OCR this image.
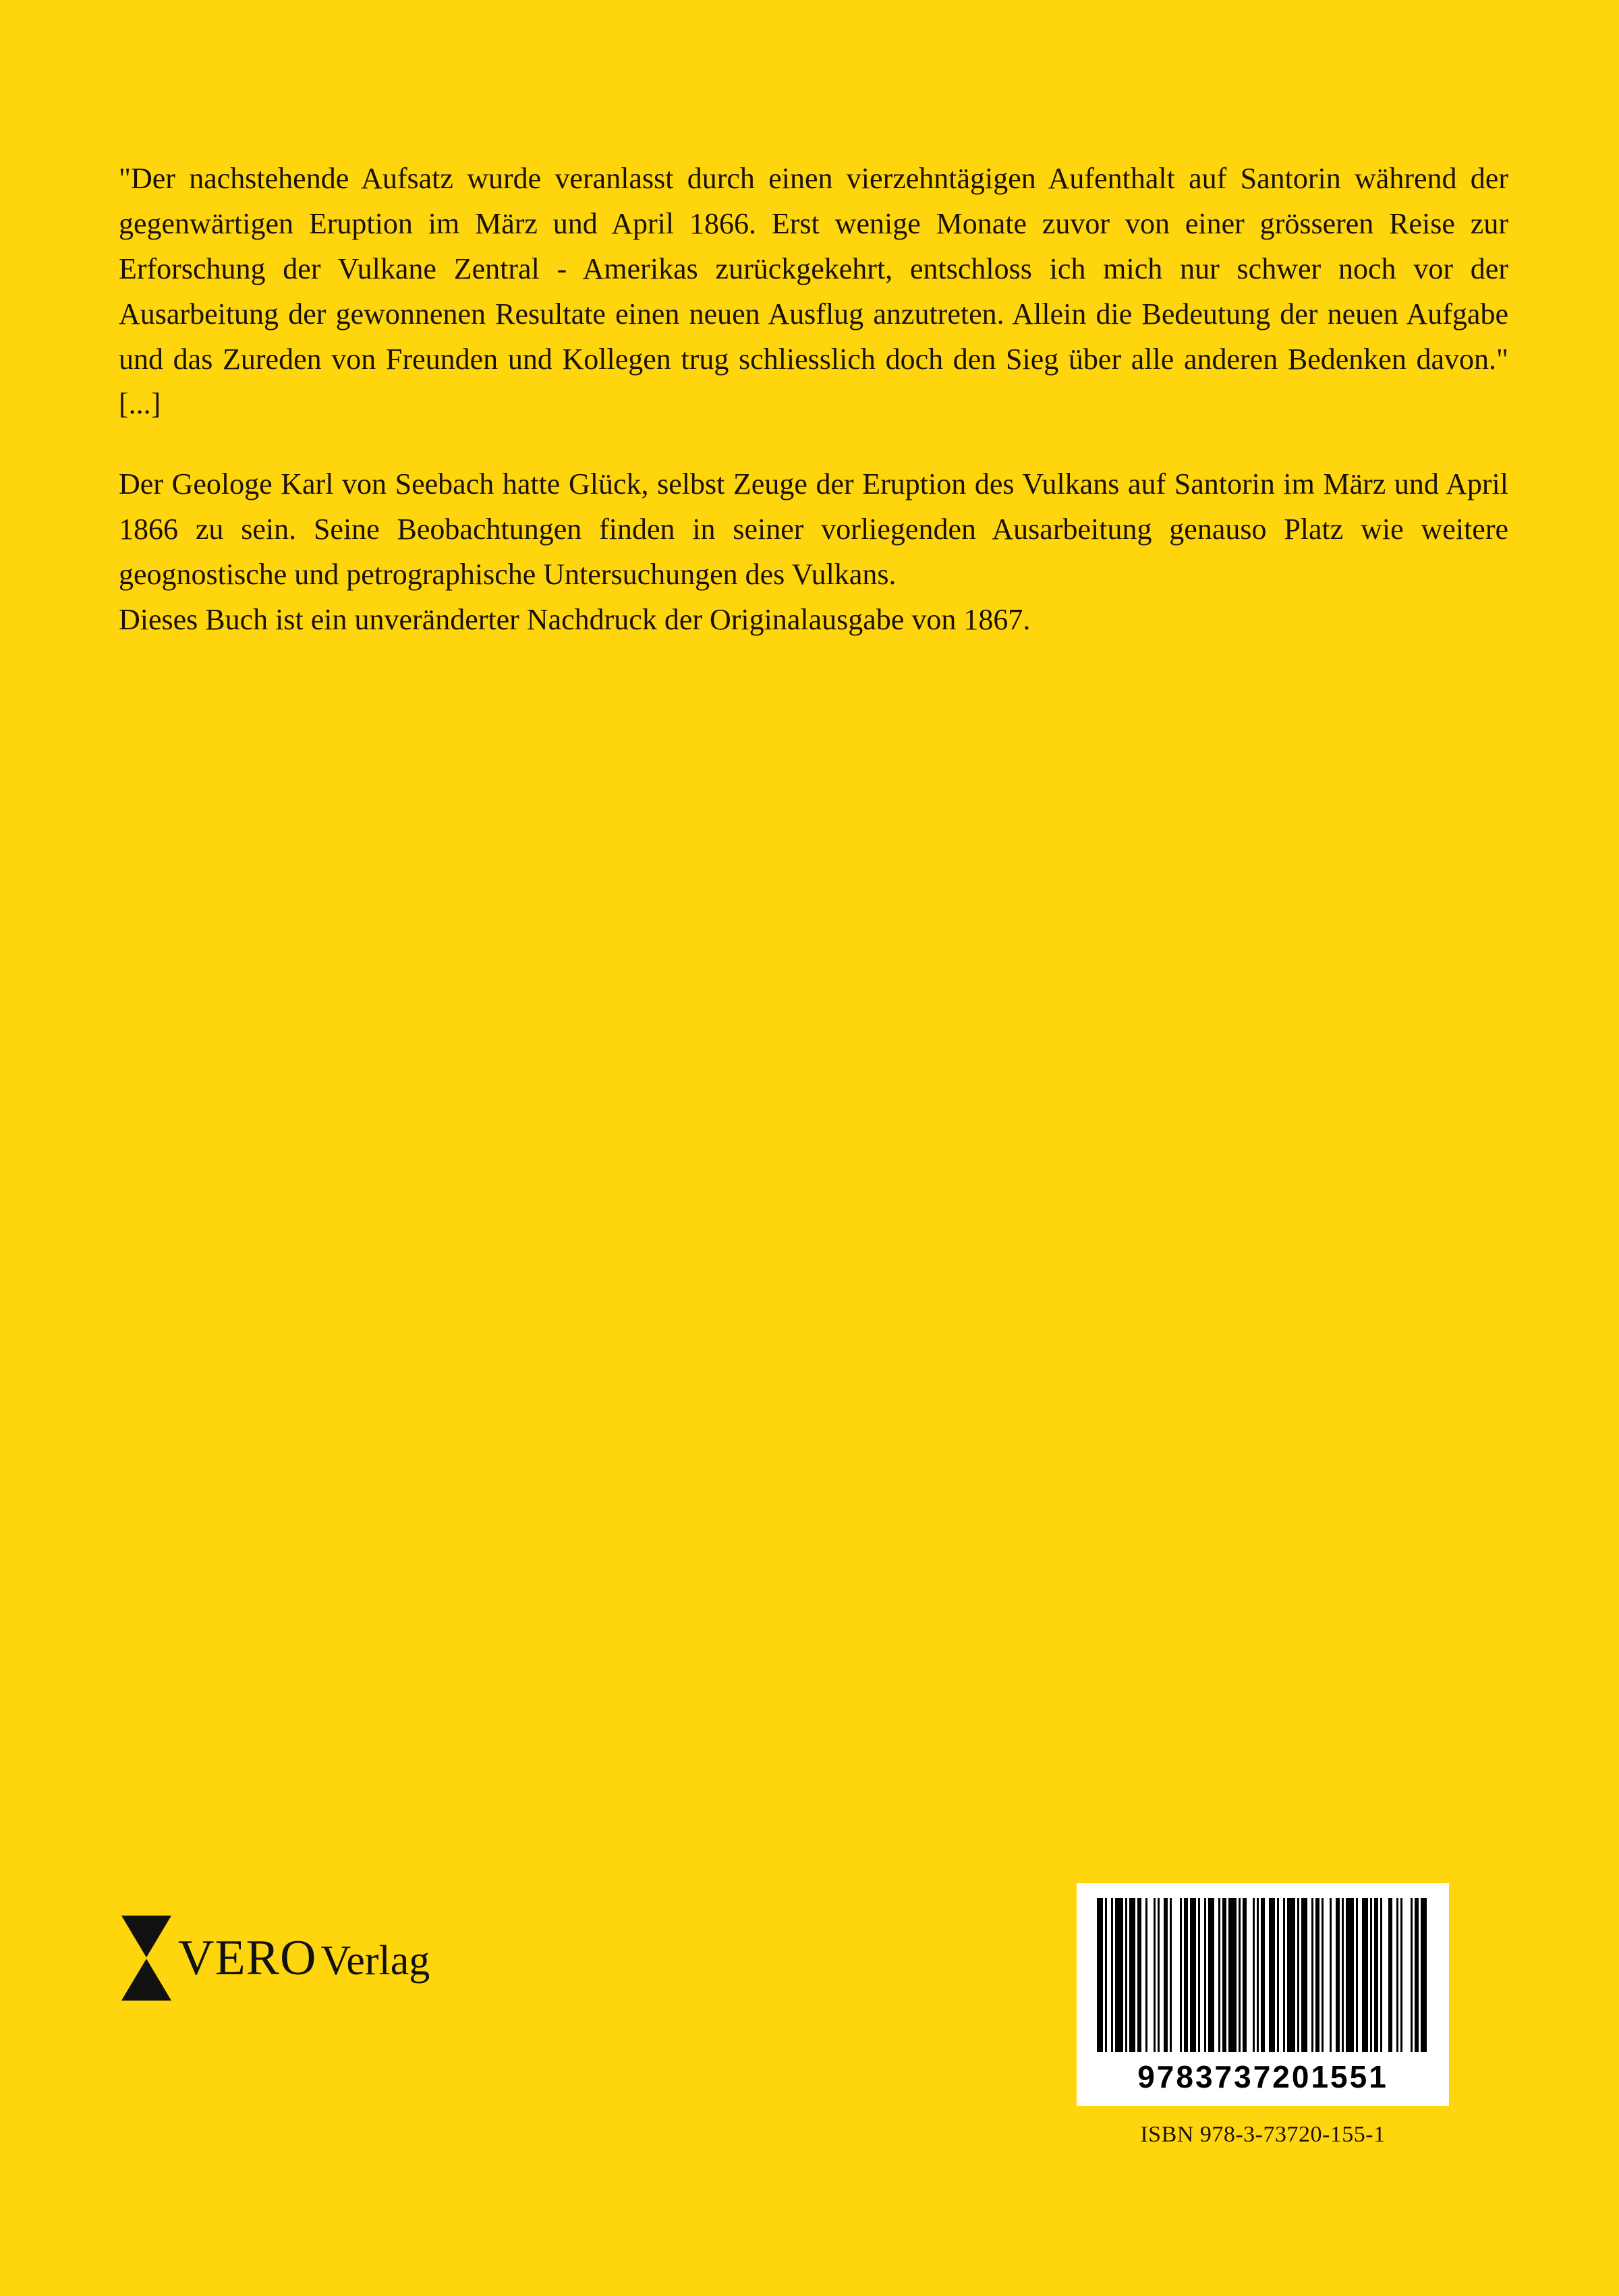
"Der nachstehende Aufsatz wurde veranlasst durch einen vierzehntägigen Aufenthalt auf Santorin während der gegenwärtigen Eruption im März und April 1866. Erst wenige Monate zuvor von einer grösseren Reise zur Erforschung der Vulkane Zentral - Amerikas zurückgekehrt, entschloss ich mich nur schwer noch vor der Ausarbeitung der gewonnenen Resultate einen neuen Ausflug anzutreten. Allein die Bedeutung der neuen Aufgabe und das Zureden von Freunden und Kollegen trug schliesslich doch den Sieg über alle anderen Bedenken davon." [...]

Der Geologe Karl von Seebach hatte Glück, selbst Zeuge der Eruption des Vulkans auf Santorin im März und April 1866 zu sein. Seine Beobachtungen finden in seiner vorliegenden Ausarbeitung genauso Platz wie weitere geognostische und petrographische Untersuchungen des Vulkans.

Dieses Buch ist ein unveränderter Nachdruck der Originalausgabe von 1867.

VERO Verlag
9783737201551
ISBN 978-3-73720-155-1
